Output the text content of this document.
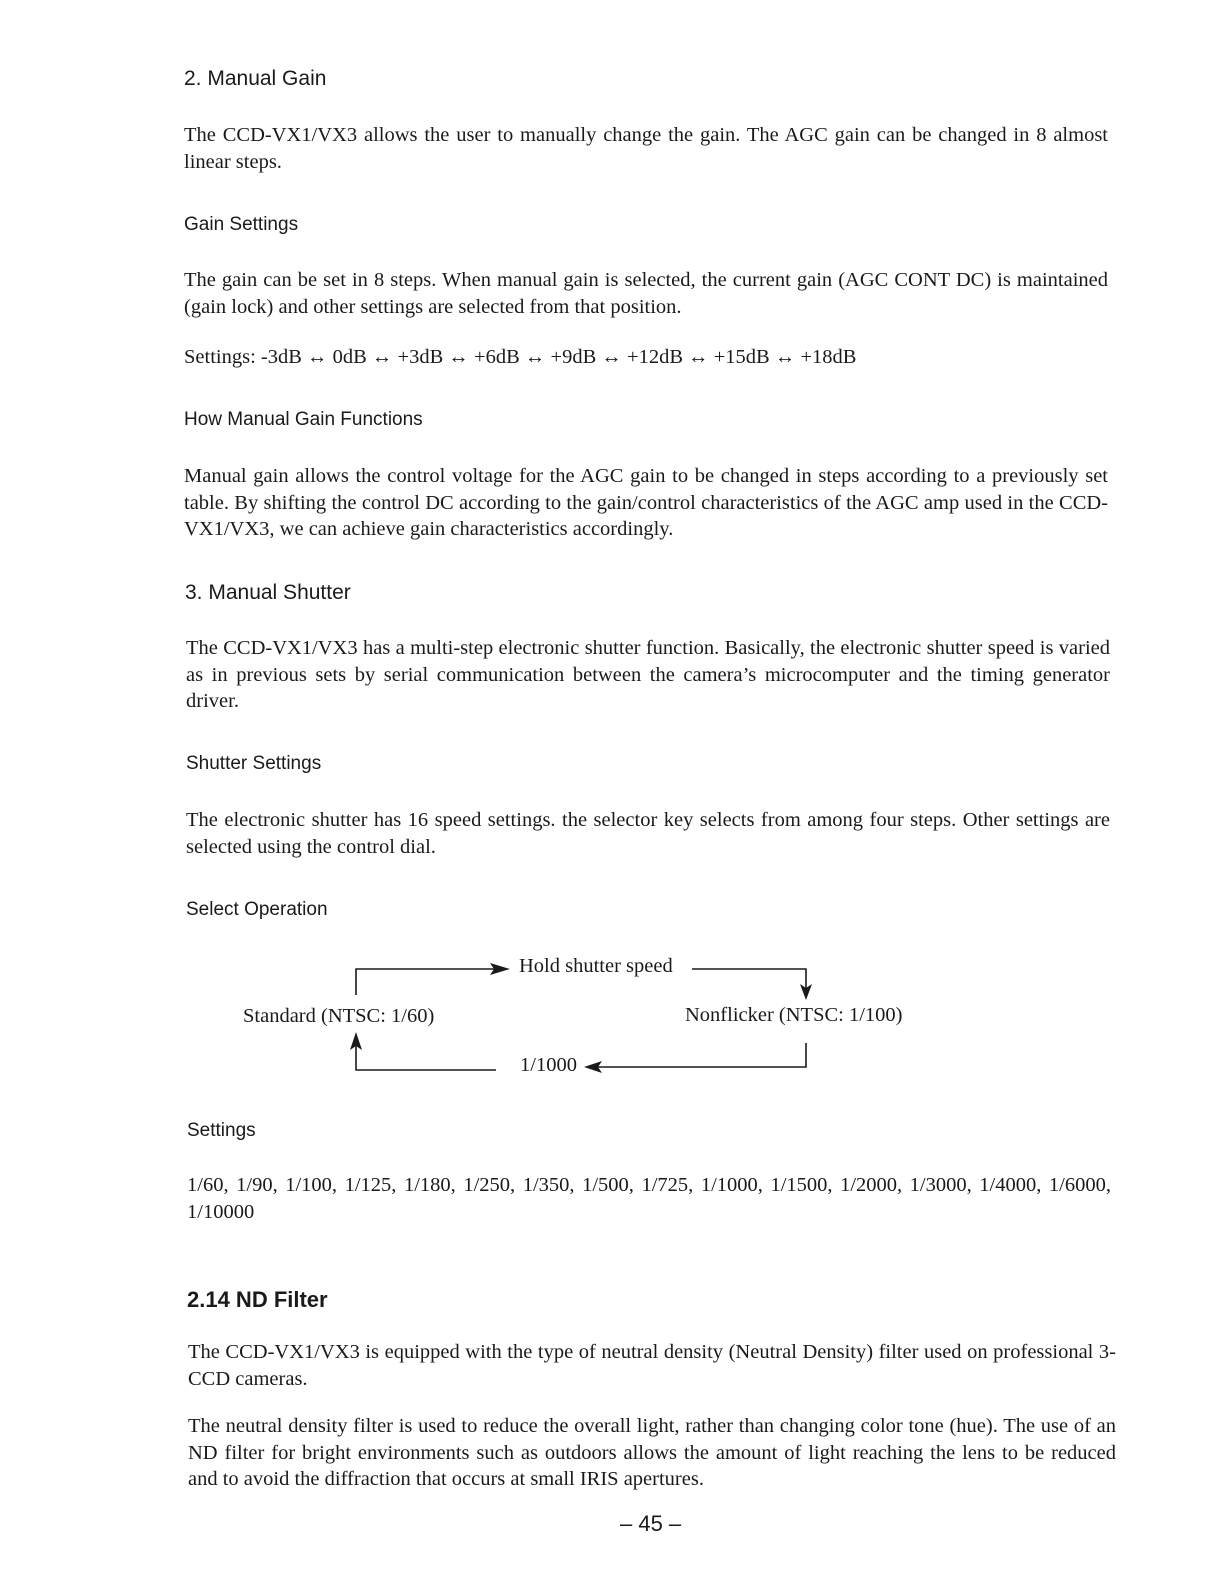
2. Manual Gain
The CCD-VX1/VX3 allows the user to manually change the gain. The AGC gain can be changed in 8 almost linear steps.
Gain Settings
The gain can be set in 8 steps. When manual gain is selected, the current gain (AGC CONT DC) is maintained (gain lock) and other settings are selected from that position.
Settings: -3dB ↔ 0dB ↔ +3dB ↔ +6dB ↔ +9dB ↔ +12dB ↔ +15dB ↔ +18dB
How Manual Gain Functions
Manual gain allows the control voltage for the AGC gain to be changed in steps according to a previously set table. By shifting the control DC according to the gain/control characteristics of the AGC amp used in the CCD-VX1/VX3, we can achieve gain characteristics accordingly.
3. Manual Shutter
The CCD-VX1/VX3 has a multi-step electronic shutter function. Basically, the electronic shutter speed is varied as in previous sets by serial communication between the camera’s microcomputer and the timing generator driver.
Shutter Settings
The electronic shutter has 16 speed settings. the selector key selects from among four steps. Other settings are selected using the control dial.
Select Operation
Hold shutter speed
Standard (NTSC: 1/60)	Nonflicker (NTSC: 1/100)
1/1000
Settings
1/60, 1/90, 1/100, 1/125, 1/180, 1/250, 1/350, 1/500, 1/725, 1/1000, 1/1500, 1/2000, 1/3000, 1/4000, 1/6000, 1/10000
2.14 ND Filter
The CCD-VX1/VX3 is equipped with the type of neutral density (Neutral Density) filter used on professional 3-CCD cameras.
The neutral density filter is used to reduce the overall light, rather than changing color tone (hue). The use of an ND filter for bright environments such as outdoors allows the amount of light reaching the lens to be reduced and to avoid the diffraction that occurs at small IRIS apertures.
– 45 –
